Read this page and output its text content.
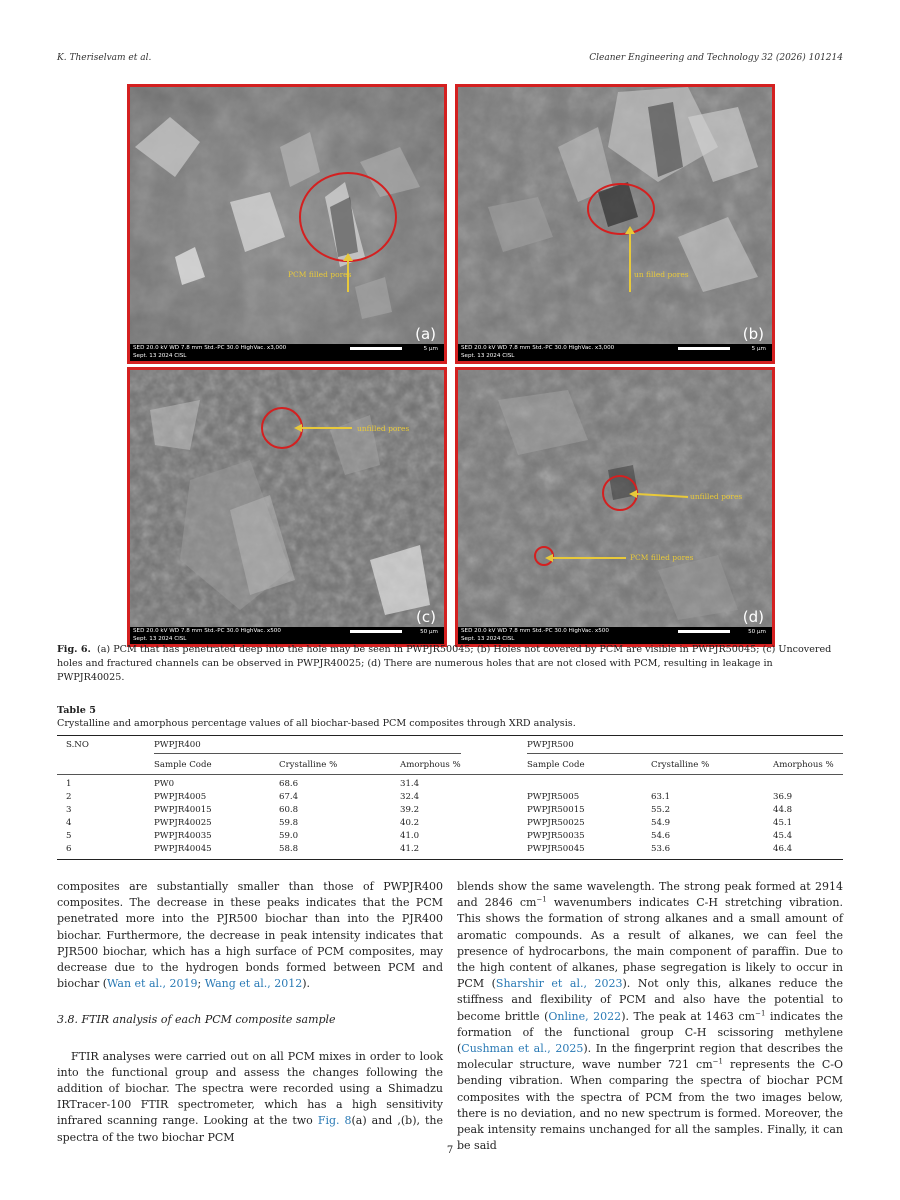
K. Theriselvam et al.	Cleaner Engineering and Technology 32 (2026) 101214
PCM filled pores
(a)
SED 20.0 kV WD 7.8 mm Std.-PC 30.0 HighVac. x3,000
Sept. 13 2024 CISL
5 μm
un filled pores
(b)
SED 20.0 kV WD 7.8 mm Std.-PC 30.0 HighVac. x3,000
Sept. 13 2024 CISL
5 μm
unfilled pores
(c)
SED 20.0 kV WD 7.8 mm Std.-PC 30.0 HighVac. x500
Sept. 13 2024 CISL
50 μm
unfilled pores
PCM filled pores
(d)
SED 20.0 kV WD 7.8 mm Std.-PC 30.0 HighVac. x500
Sept. 13 2024 CISL
50 μm
Fig. 6. (a) PCM that has penetrated deep into the hole may be seen in PWPJR50045; (b) Holes not covered by PCM are visible in PWPJR50045; (c) Uncovered holes and fractured channels can be observed in PWPJR40025; (d) There are numerous holes that are not closed with PCM, resulting in leakage in PWPJR40025.
Table 5
Crystalline and amorphous percentage values of all biochar-based PCM composites through XRD analysis.
S.NO	PWPJR400	PWPJR500
Sample Code	Crystalline %	Amorphous %	Sample Code	Crystalline %	Amorphous %
1	PW0	68.6	31.4
2	PWPJR4005	67.4	32.4	PWPJR5005	63.1	36.9
3	PWPJR40015	60.8	39.2	PWPJR50015	55.2	44.8
4	PWPJR40025	59.8	40.2	PWPJR50025	54.9	45.1
5	PWPJR40035	59.0	41.0	PWPJR50035	54.6	45.4
6	PWPJR40045	58.8	41.2	PWPJR50045	53.6	46.4

composites are substantially smaller than those of PWPJR400 composites. The decrease in these peaks indicates that the PCM penetrated more into the PJR500 biochar than into the PJR400 biochar. Furthermore, the decrease in peak intensity indicates that PJR500 biochar, which has a high surface of PCM composites, may decrease due to the hydrogen bonds formed between PCM and biochar (Wan et al., 2019; Wang et al., 2012).

3.8. FTIR analysis of each PCM composite sample

FTIR analyses were carried out on all PCM mixes in order to look into the functional group and assess the changes following the addition of biochar. The spectra were recorded using a Shimadzu IRTracer-100 FTIR spectrometer, which has a high sensitivity infrared scanning range. Looking at the two Fig. 8(a) and ,(b), the spectra of the two biochar PCM

blends show the same wavelength. The strong peak formed at 2914 and 2846 $cm^{-1}$ wavenumbers indicates C-H stretching vibration. This shows the formation of strong alkanes and a small amount of aromatic compounds. As a result of alkanes, we can feel the presence of hydrocarbons, the main component of paraffin. Due to the high content of alkanes, phase segregation is likely to occur in PCM (Sharshir et al., 2023). Not only this, alkanes reduce the stiffness and flexibility of PCM and also have the potential to become brittle (Online, 2022). The peak at 1463 $cm^{-1}$ indicates the formation of the functional group C-H scissoring methylene (Cushman et al., 2025). In the fingerprint region that describes the molecular structure, wave number 721 $cm^{-1}$ represents the C-O bending vibration. When comparing the spectra of biochar PCM composites with the spectra of PCM from the two images below, there is no deviation, and no new spectrum is formed. Moreover, the peak intensity remains unchanged for all the samples. Finally, it can be said

7
